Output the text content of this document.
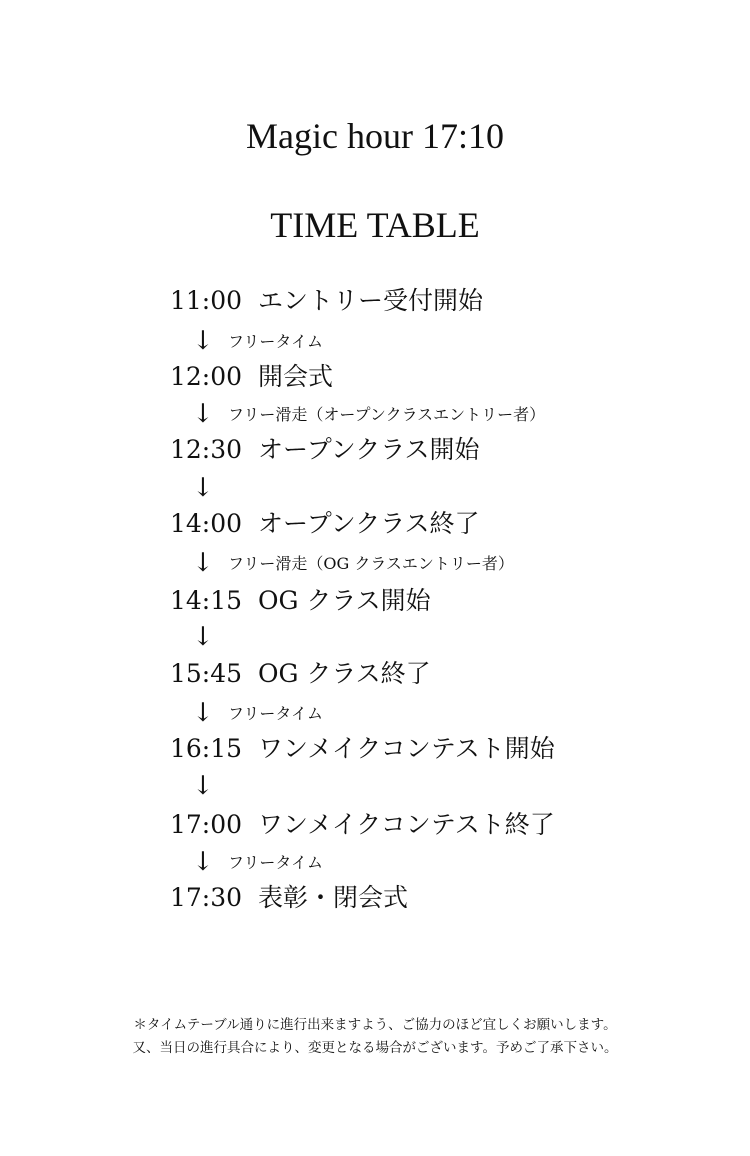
Magic hour 17:10
TIME TABLE
11:00 エントリー受付開始
↓ フリータイム
12:00 開会式
↓ フリー滑走（オープンクラスエントリー者）
12:30 オープンクラス開始
↓
14:00 オープンクラス終了
↓ フリー滑走（OG クラスエントリー者）
14:15 OG クラス開始
↓
15:45 OG クラス終了
↓ フリータイム
16:15 ワンメイクコンテスト開始
↓
17:00 ワンメイクコンテスト終了
↓ フリータイム
17:30 表彰・閉会式
＊タイムテーブル通りに進行出来ますよう、ご協力のほど宜しくお願いします。
又、当日の進行具合により、変更となる場合がございます。予めご了承下さい。
